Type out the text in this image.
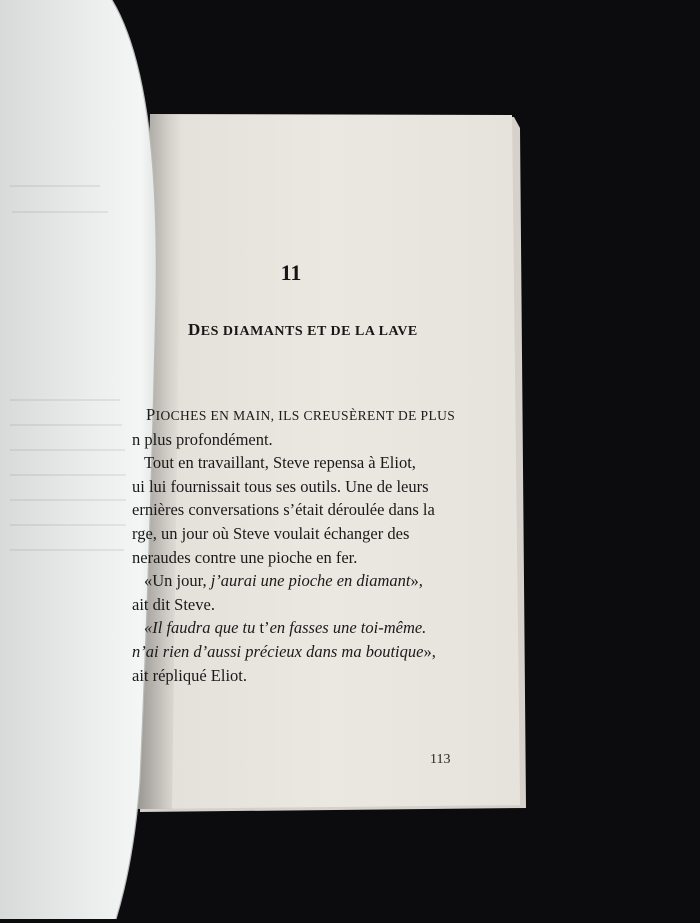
11
DES DIAMANTS ET DE LA LAVE
PIOCHES EN MAIN, ILS CREUSÈRENT DE PLUS
n plus profondément.
Tout en travaillant, Steve repensa à Eliot,
ui lui fournissait tous ses outils. Une de leurs
ernières conversations s’était déroulée dans la
rge, un jour où Steve voulait échanger des
neraudes contre une pioche en fer.
«Un jour, j’aurai une pioche en diamant»,
ait dit Steve.
«Il faudra que tu t’en fasses une toi-même.
n’ai rien d’aussi précieux dans ma boutique»,
ait répliqué Eliot.
113
